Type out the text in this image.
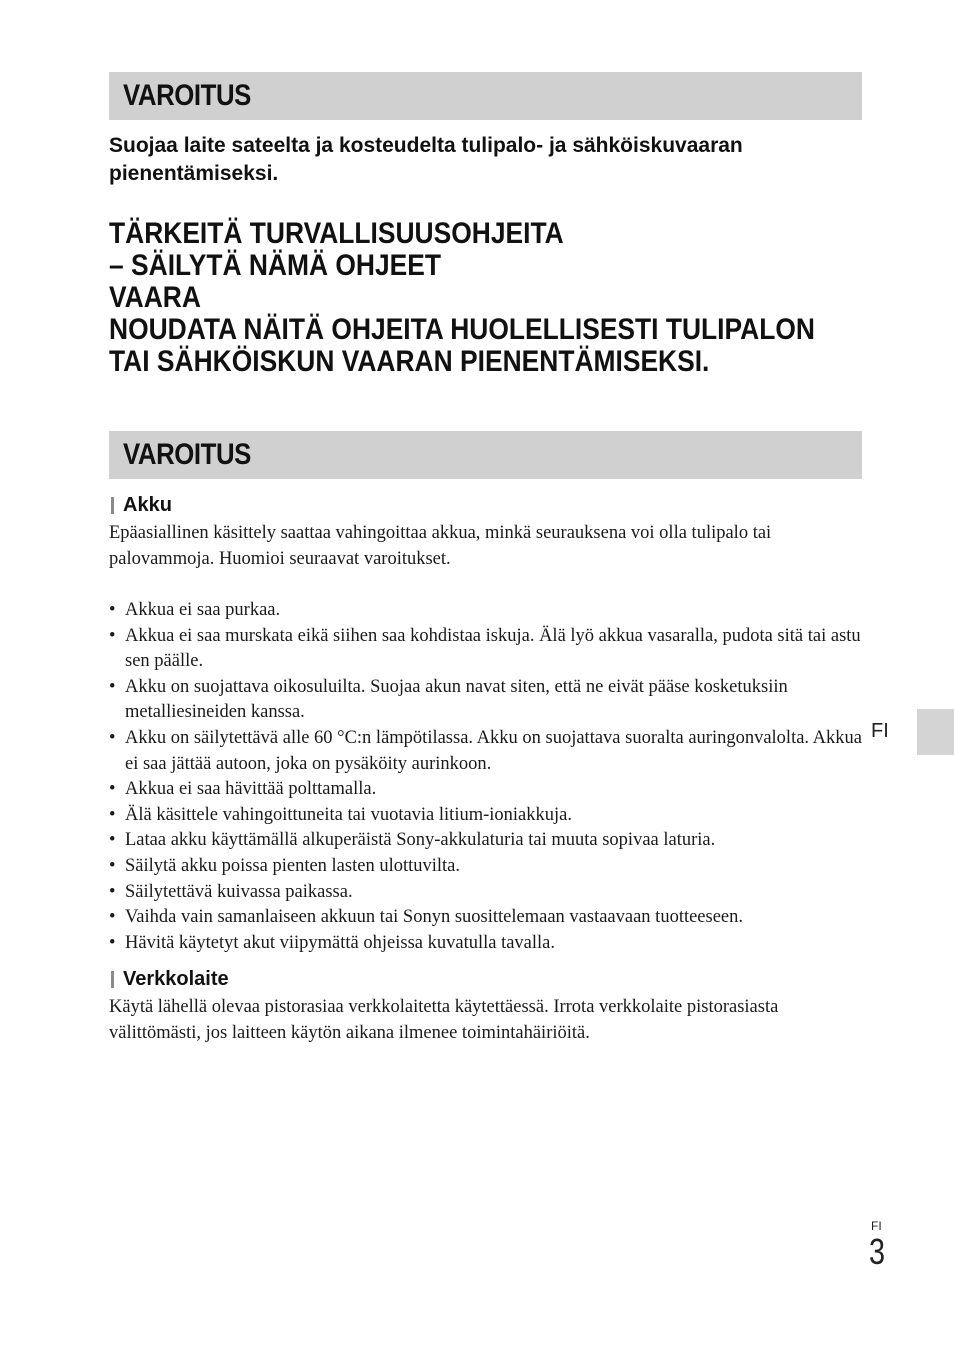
VAROITUS
Suojaa laite sateelta ja kosteudelta tulipalo- ja sähköiskuvaaran pienentämiseksi.
TÄRKEITÄ TURVALLISUUSOHJEITA
– SÄILYTÄ NÄMÄ OHJEET
VAARA
NOUDATA NÄITÄ OHJEITA HUOLELLISESTI TULIPALON
TAI SÄHKÖISKUN VAARAN PIENENTÄMISEKSI.
VAROITUS
Akku
Epäasiallinen käsittely saattaa vahingoittaa akkua, minkä seurauksena voi olla tulipalo tai palovammoja. Huomioi seuraavat varoitukset.
• Akkua ei saa purkaa.
• Akkua ei saa murskata eikä siihen saa kohdistaa iskuja. Älä lyö akkua vasaralla, pudota sitä tai astu sen päälle.
• Akku on suojattava oikosuluilta. Suojaa akun navat siten, että ne eivät pääse kosketuksiin metalliesineiden kanssa.
• Akku on säilytettävä alle 60 °C:n lämpötilassa. Akku on suojattava suoralta auringonvalolta. Akkua ei saa jättää autoon, joka on pysäköity aurinkoon.
• Akkua ei saa hävittää polttamalla.
• Älä käsittele vahingoittuneita tai vuotavia litium-ioniakkuja.
• Lataa akku käyttämällä alkuperäistä Sony-akkulaturia tai muuta sopivaa laturia.
• Säilytä akku poissa pienten lasten ulottuvilta.
• Säilytettävä kuivassa paikassa.
• Vaihda vain samanlaiseen akkuun tai Sonyn suosittelemaan vastaavaan tuotteeseen.
• Hävitä käytetyt akut viipymättä ohjeissa kuvatulla tavalla.
Verkkolaite
Käytä lähellä olevaa pistorasiaa verkkolaitetta käytettäessä. Irrota verkkolaite pistorasiasta välittömästi, jos laitteen käytön aikana ilmenee toimintahäiriöitä.
FI
FI
3
